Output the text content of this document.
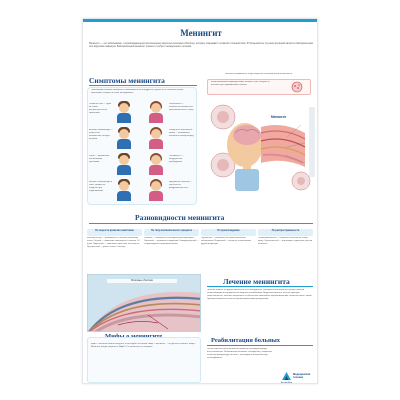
Менингит
Менингит — это заболевание, сопровождающееся воспалением защитных мозговых оболочек, которые покрывают головной и спинной мозг. В большинстве случаев причиной является бактериальная или вирусная инфекция. Бактериальный менингит опасен и требует немедленного лечения.
Симптомы менингита
Симптомами болезни отличаются в зависимости от возбудителя, однако есть несколько общих симптомов, которые не стоит игнорировать.
Головная боль — один из самых распространенных симптомов.
Высокая температура — чаще всего повышенная, иногда с ознобом.
Рвота — проявление интоксикации организма.
Высокая температура и сыпь, которая не бледнеет при надавливании.
Светобоязнь — появляется повышенная чувствительность к свету.
Ригидность затылочных мышц — невозможно наклонить голову вперед.
Сонливость — затрудненное пробуждение.
Нарушение сознания — спутанность, раздражительность.
Менингит развивается, когда защитные оболочки мозга воспаляются.
Менингококковая инфекция может вызвать сыпь, которая не исчезает при надавливании стеклом.
Менингит
Разновидности менингита
По скорости развития симптомов
Молниеносный — развивается в течение нескольких часов. Острый — симптомы появляются в течение 1-2 дней. Подострый — симптомы нарастают постепенно. Хронический — длится более 1 месяца.
По типу воспалительного процесса
Гнойный — вызывается бактериальной инфекцией. Серозный — вызывается вирусами. Геморрагический — сопровождается кровоизлияниями.
По происхождению
Первичный — возникает как самостоятельное заболевание. Вторичный — является осложнением другой инфекции.
По распространенности
Генерализованный — поражает оболочки по всему мозгу. Ограниченный — затрагивает отдельные участки оболочек.
Мозговые оболочки	Лечение менингита
Лечение зависит от формы менингита и его возбудителя. Бактериальный менингит требует срочной госпитализации и внутривенного введения антибиотиков. Вирусный менингит обычно проходит самостоятельно, лечение направлено на облегчение симптомов: жаропонижающие, обильное питье, покой. Грибковый менингит лечится противогрибковыми препаратами.
Миф 1. Менингит можно получить, если ходить без шапки. Миф 2. Менингит — это детская болезнь. Миф 3. Менингит всегда смертелен. Миф 4. От менингита нет вакцины.
Реабилитация больных
После перенесенного менингита пациенту необходим период восстановления. Реабилитация включает наблюдение у невролога, лечебную физкультуру, занятия с логопедом и психологом при необходимости.
Медицинская
техника
АльфаМед
